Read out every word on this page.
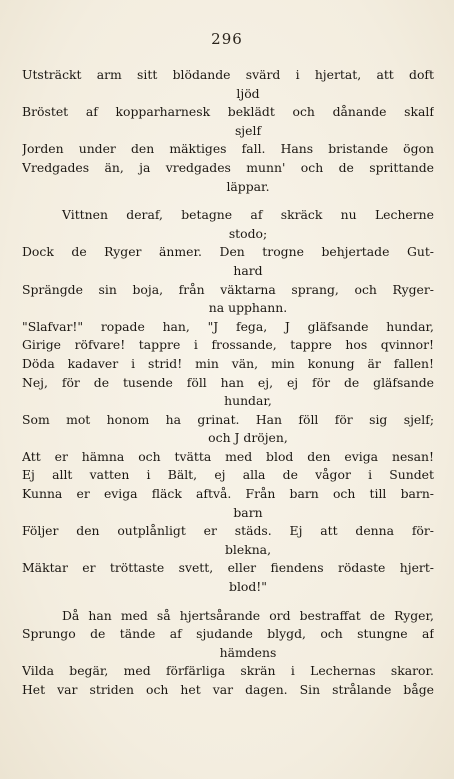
296
Utsträckt arm sitt blödande svärd i hjertat, att doft
ljöd
Bröstet af kopparharnesk beklädt och dånande skalf
sjelf
Jorden under den mäktiges fall. Hans bristande ögon
Vredgades än, ja vredgades munn' och de sprittande
läppar.
Vittnen deraf, betagne af skräck nu Lecherne
stodo;
Dock de Ryger änmer. Den trogne behjertade Gut-
hard
Sprängde sin boja, från väktarna sprang, och Ryger-
na upphann.
"Slafvar!" ropade han, "J fega, J gläfsande hundar,
Girige röfvare! tappre i frossande, tappre hos qvinnor!
Döda kadaver i strid! min vän, min konung är fallen!
Nej, för de tusende föll han ej, ej för de gläfsande
hundar,
Som mot honom ha grinat. Han föll för sig sjelf;
och J dröjen,
Att er hämna och tvätta med blod den eviga nesan!
Ej allt vatten i Bält, ej alla de vågor i Sundet
Kunna er eviga fläck aftvå. Från barn och till barn-
barn
Följer den outplånligt er städs. Ej att denna för-
blekna,
Mäktar er tröttaste svett, eller fiendens rödaste hjert-
blod!"
Då han med så hjertsårande ord bestraffat de Ryger,
Sprungo de tände af sjudande blygd, och stungne af
hämdens
Vilda begär, med förfärliga skrän i Lechernas skaror.
Het var striden och het var dagen. Sin strålande båge
